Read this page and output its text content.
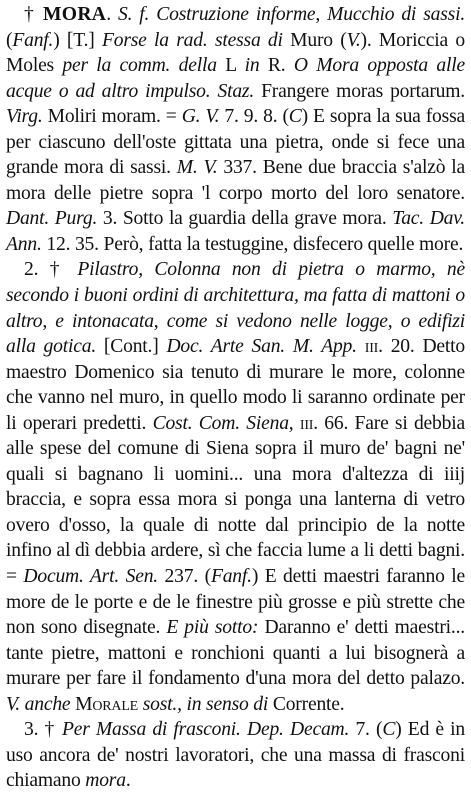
† MORA. S. f. Costruzione informe, Mucchio di sassi. (Fanf.) [T.] Forse la rad. stessa di Muro (V.). Moriccia o Moles per la comm. della L in R. O Mora opposta alle acque o ad altro impulso. Staz. Frangere moras portarum. Virg. Moliri moram. = G. V. 7. 9. 8. (C) E sopra la sua fossa per ciascuno dell'oste gittata una pietra, onde si fece una grande mora di sassi. M. V. 337. Bene due braccia s'alzò la mora delle pietre sopra 'l corpo morto del loro senatore. Dant. Purg. 3. Sotto la guardia della grave mora. Tac. Dav. Ann. 12. 35. Però, fatta la testuggine, disfecero quelle more.

2. † Pilastro, Colonna non di pietra o marmo, nè secondo i buoni ordini di architettura, ma fatta di mattoni o altro, e intonacata, come si vedono nelle logge, o edifizi alla gotica. [Cont.] Doc. Arte San. M. App. iii. 20. Detto maestro Domenico sia tenuto di murare le more, colonne che vanno nel muro, in quello modo li saranno ordinate per li operari predetti. Cost. Com. Siena, iii. 66. Fare si debbia alle spese del comune di Siena sopra il muro de' bagni ne' quali si bagnano li uomini... una mora d'altezza di iiij braccia, e sopra essa mora si ponga una lanterna di vetro overo d'osso, la quale di notte dal principio de la notte infino al dì debbia ardere, sì che faccia lume a li detti bagni. = Docum. Art. Sen. 237. (Fanf.) E detti maestri faranno le more de le porte e de le finestre più grosse e più strette che non sono disegnate. E più sotto: Daranno e' detti maestri... tante pietre, mattoni e ronchioni quanti a lui bisognerà a murare per fare il fondamento d'una mora del detto palazo. V. anche Morale sost., in senso di Corrente.

3. † Per Massa di frasconi. Dep. Decam. 7. (C) Ed è in uso ancora de' nostri lavoratori, che una massa di frasconi chiamano mora.
